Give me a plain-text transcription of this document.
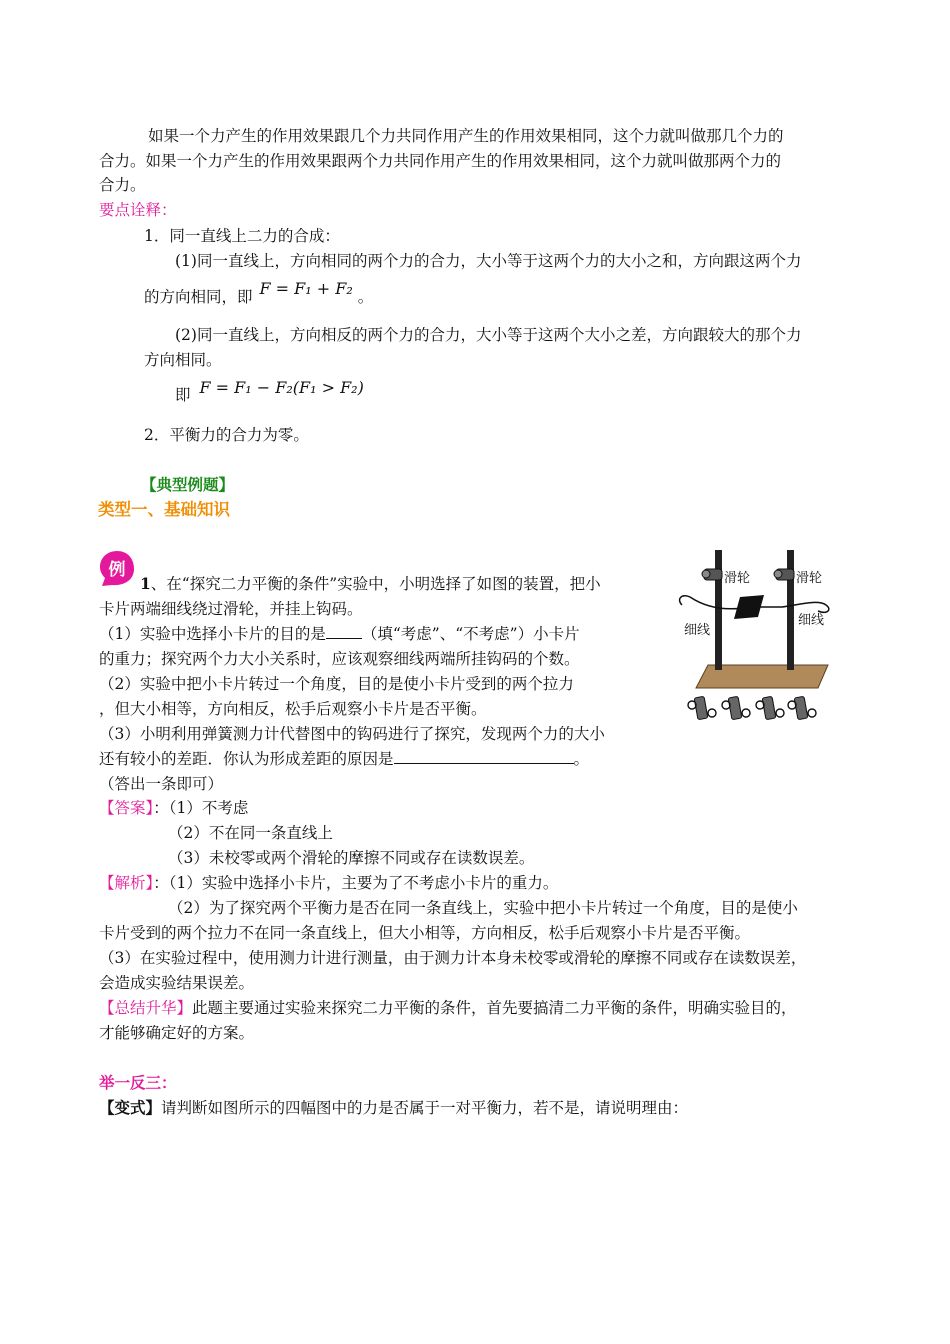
如果一个力产生的作用效果跟几个力共同作用产生的作用效果相同，这个力就叫做那几个力的
合力。如果一个力产生的作用效果跟两个力共同作用产生的作用效果相同，这个力就叫做那两个力的
合力。
要点诠释：
1．同一直线上二力的合成：
(1)同一直线上，方向相同的两个力的合力，大小等于这两个力的大小之和，方向跟这两个力
的方向相同，即 F = F₁ + F₂ 。
(2)同一直线上，方向相反的两个力的合力，大小等于这两个大小之差，方向跟较大的那个力
方向相同。
即 F = F₁ − F₂(F₁ > F₂)
2．平衡力的合力为零。
【典型例题】
类型一、基础知识
例
1、在“探究二力平衡的条件”实验中，小明选择了如图的装置，把小
卡片两端细线绕过滑轮，并挂上钩码。
（1）实验中选择小卡片的目的是 （填“考虑”、“不考虑”）小卡片
的重力；探究两个力大小关系时，应该观察细线两端所挂钩码的个数。
（2）实验中把小卡片转过一个角度，目的是使小卡片受到的两个拉力
，但大小相等，方向相反，松手后观察小卡片是否平衡。
（3）小明利用弹簧测力计代替图中的钩码进行了探究，发现两个力的大小
还有较小的差距．你认为形成差距的原因是	。
（答出一条即可）
滑轮	滑轮
细线
细线
【答案】：（1）不考虑
（2）不在同一条直线上
（3）未校零或两个滑轮的摩擦不同或存在读数误差。
【解析】：（1）实验中选择小卡片，主要为了不考虑小卡片的重力。
（2）为了探究两个平衡力是否在同一条直线上，实验中把小卡片转过一个角度，目的是使小
卡片受到的两个拉力不在同一条直线上，但大小相等，方向相反，松手后观察小卡片是否平衡。
（3）在实验过程中，使用测力计进行测量，由于测力计本身未校零或滑轮的摩擦不同或存在读数误差，
会造成实验结果误差。
【总结升华】此题主要通过实验来探究二力平衡的条件，首先要搞清二力平衡的条件，明确实验目的，
才能够确定好的方案。
举一反三：
【变式】请判断如图所示的四幅图中的力是否属于一对平衡力，若不是，请说明理由：
